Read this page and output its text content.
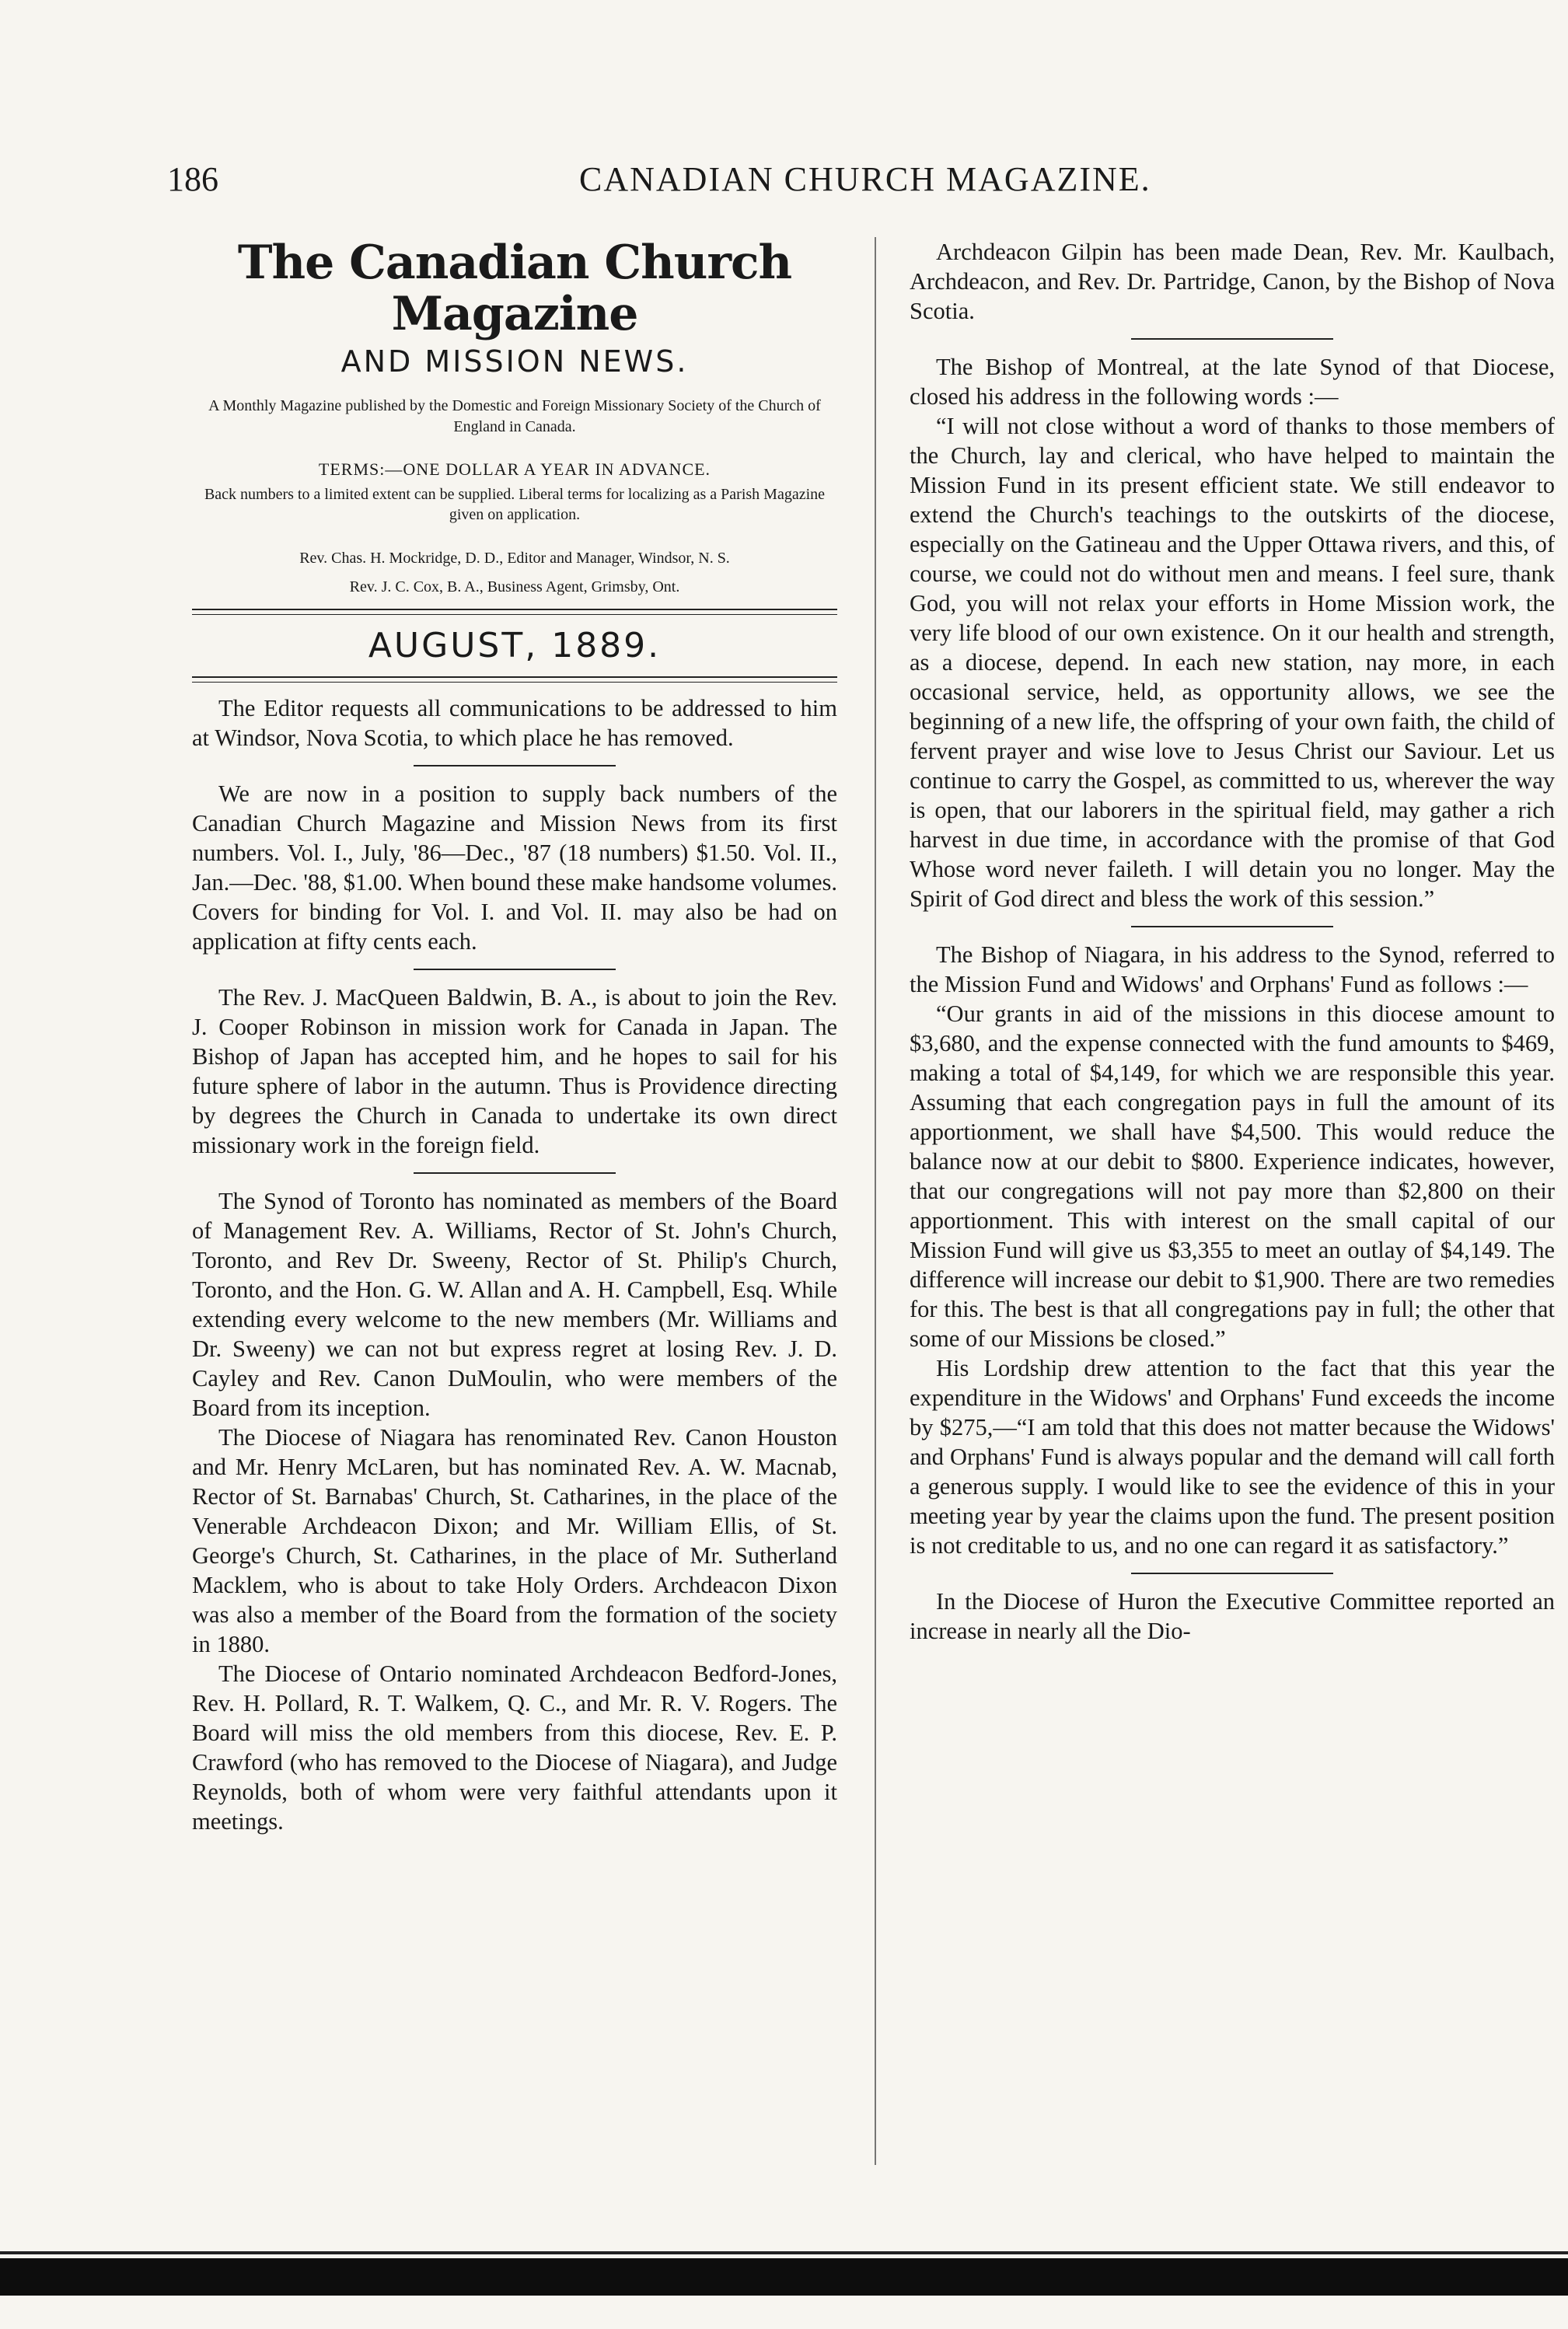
186	CANADIAN CHURCH MAGAZINE.
The Canadian Church Magazine
AND MISSION NEWS.
A Monthly Magazine published by the Domestic and Foreign Missionary Society of the Church of England in Canada.
TERMS:—ONE DOLLAR A YEAR IN ADVANCE.
Back numbers to a limited extent can be supplied. Liberal terms for localizing as a Parish Magazine given on application.
Rev. Chas. H. Mockridge, D. D., Editor and Manager, Windsor, N. S.
Rev. J. C. Cox, B. A., Business Agent, Grimsby, Ont.
AUGUST, 1889.

The Editor requests all communications to be addressed to him at Windsor, Nova Scotia, to which place he has removed.

We are now in a position to supply back numbers of the Canadian Church Magazine and Mission News from its first numbers. Vol. I., July, '86—Dec., '87 (18 numbers) $1.50. Vol. II., Jan.—Dec. '88, $1.00. When bound these make handsome volumes. Covers for binding for Vol. I. and Vol. II. may also be had on application at fifty cents each.

The Rev. J. MacQueen Baldwin, B. A., is about to join the Rev. J. Cooper Robinson in mission work for Canada in Japan. The Bishop of Japan has accepted him, and he hopes to sail for his future sphere of labor in the autumn. Thus is Providence directing by degrees the Church in Canada to undertake its own direct missionary work in the foreign field.

The Synod of Toronto has nominated as members of the Board of Management Rev. A. Williams, Rector of St. John's Church, Toronto, and Rev Dr. Sweeny, Rector of St. Philip's Church, Toronto, and the Hon. G. W. Allan and A. H. Campbell, Esq. While extending every welcome to the new members (Mr. Williams and Dr. Sweeny) we can not but express regret at losing Rev. J. D. Cayley and Rev. Canon DuMoulin, who were members of the Board from its inception.

The Diocese of Niagara has renominated Rev. Canon Houston and Mr. Henry McLaren, but has nominated Rev. A. W. Macnab, Rector of St. Barnabas' Church, St. Catharines, in the place of the Venerable Archdeacon Dixon; and Mr. William Ellis, of St. George's Church, St. Catharines, in the place of Mr. Sutherland Macklem, who is about to take Holy Orders. Archdeacon Dixon was also a member of the Board from the formation of the society in 1880.

The Diocese of Ontario nominated Archdeacon Bedford-Jones, Rev. H. Pollard, R. T. Walkem, Q. C., and Mr. R. V. Rogers. The Board will miss the old members from this diocese, Rev. E. P. Crawford (who has removed to the Diocese of Niagara), and Judge Reynolds, both of whom were very faithful attendants upon it meetings.

Archdeacon Gilpin has been made Dean, Rev. Mr. Kaulbach, Archdeacon, and Rev. Dr. Partridge, Canon, by the Bishop of Nova Scotia.

The Bishop of Montreal, at the late Synod of that Diocese, closed his address in the following words :—

“I will not close without a word of thanks to those members of the Church, lay and clerical, who have helped to maintain the Mission Fund in its present efficient state. We still endeavor to extend the Church's teachings to the outskirts of the diocese, especially on the Gatineau and the Upper Ottawa rivers, and this, of course, we could not do without men and means. I feel sure, thank God, you will not relax your efforts in Home Mission work, the very life blood of our own existence. On it our health and strength, as a diocese, depend. In each new station, nay more, in each occasional service, held, as opportunity allows, we see the beginning of a new life, the offspring of your own faith, the child of fervent prayer and wise love to Jesus Christ our Saviour. Let us continue to carry the Gospel, as committed to us, wherever the way is open, that our laborers in the spiritual field, may gather a rich harvest in due time, in accordance with the promise of that God Whose word never faileth. I will detain you no longer. May the Spirit of God direct and bless the work of this session.”

The Bishop of Niagara, in his address to the Synod, referred to the Mission Fund and Widows' and Orphans' Fund as follows :—

“Our grants in aid of the missions in this diocese amount to $3,680, and the expense connected with the fund amounts to $469, making a total of $4,149, for which we are responsible this year. Assuming that each congregation pays in full the amount of its apportionment, we shall have $4,500. This would reduce the balance now at our debit to $800. Experience indicates, however, that our congregations will not pay more than $2,800 on their apportionment. This with interest on the small capital of our Mission Fund will give us $3,355 to meet an outlay of $4,149. The difference will increase our debit to $1,900. There are two remedies for this. The best is that all congregations pay in full; the other that some of our Missions be closed.”

His Lordship drew attention to the fact that this year the expenditure in the Widows' and Orphans' Fund exceeds the income by $275,—“I am told that this does not matter because the Widows' and Orphans' Fund is always popular and the demand will call forth a generous supply. I would like to see the evidence of this in your meeting year by year the claims upon the fund. The present position is not creditable to us, and no one can regard it as satisfactory.”

In the Diocese of Huron the Executive Committee reported an increase in nearly all the Dio-
